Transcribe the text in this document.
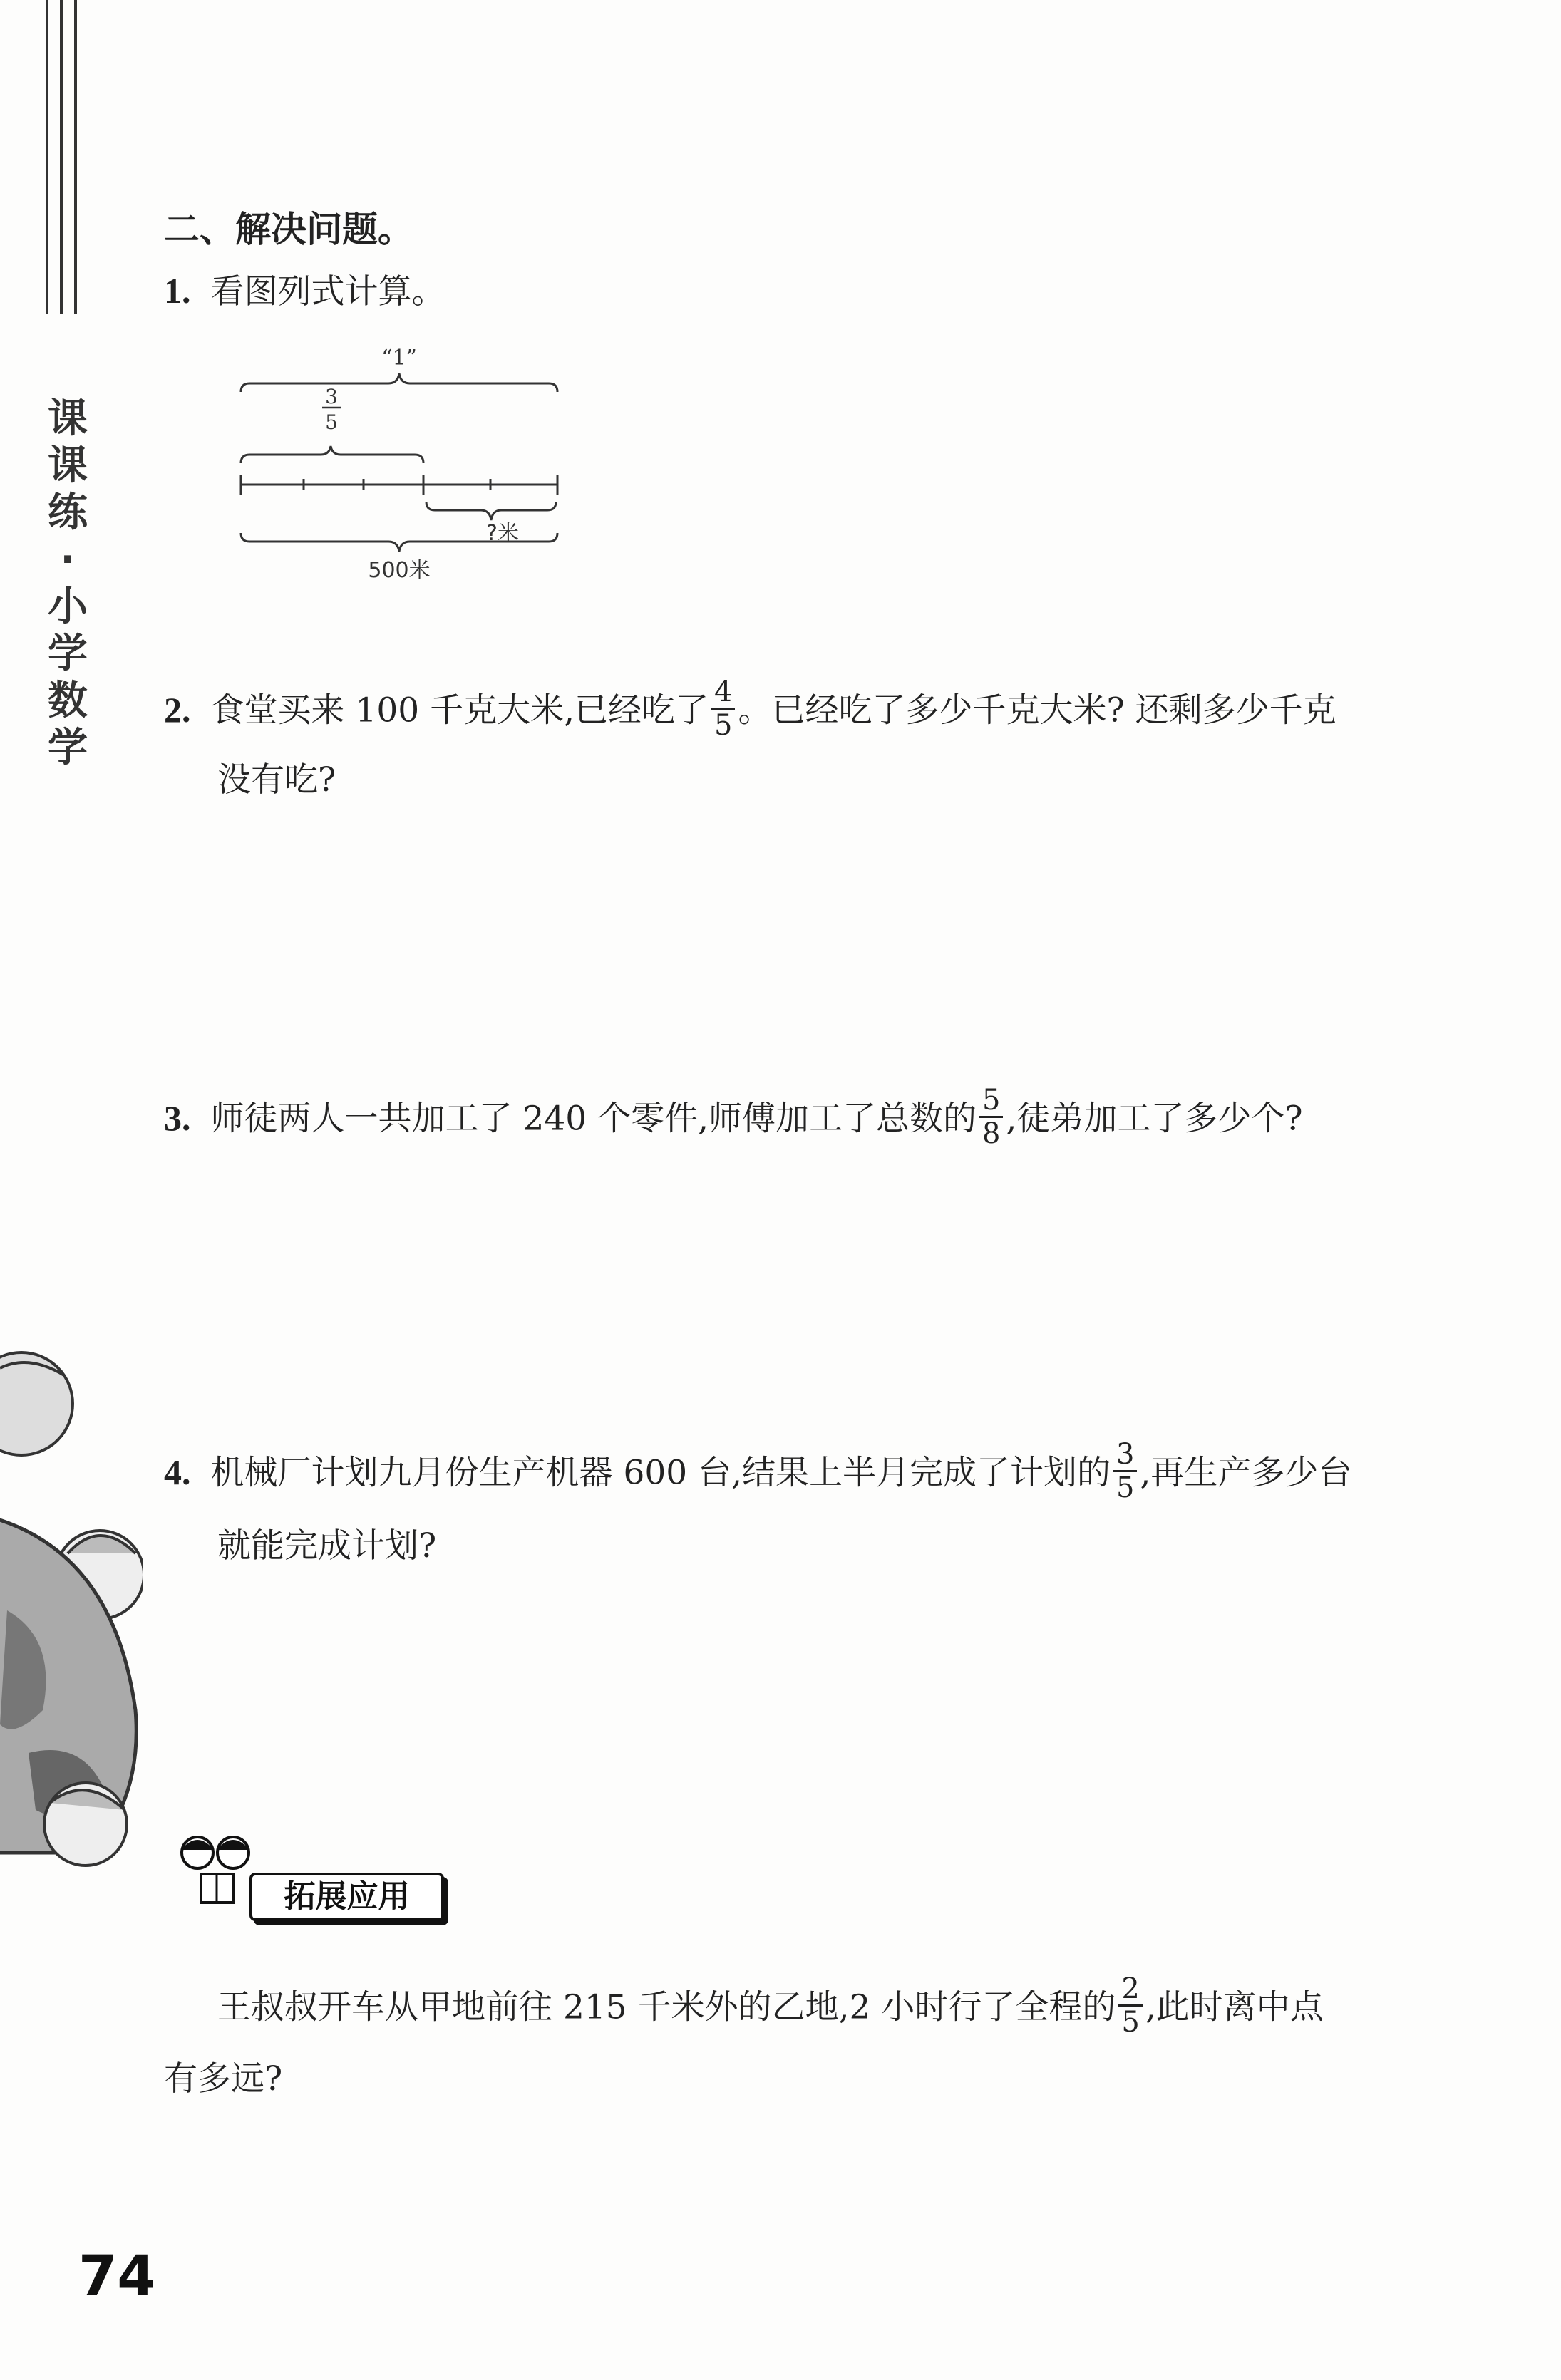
课
课
练
·
小
学
数
学
二、解决问题。
1. 看图列式计算。
“1”
3
5
?米
500米
2. 食堂买来 100 千克大米,已经吃了 $\frac{4}{5}$ 。已经吃了多少千克大米? 还剩多少千克
没有吃?
3. 师徒两人一共加工了 240 个零件,师傅加工了总数的 $\frac{5}{8}$ ,徒弟加工了多少个?
4. 机械厂计划九月份生产机器 600 台,结果上半月完成了计划的 $\frac{3}{5}$ ,再生产多少台
就能完成计划?
拓展应用
王叔叔开车从甲地前往 215 千米外的乙地,2 小时行了全程的 $\frac{2}{5}$ ,此时离中点
有多远?
74
